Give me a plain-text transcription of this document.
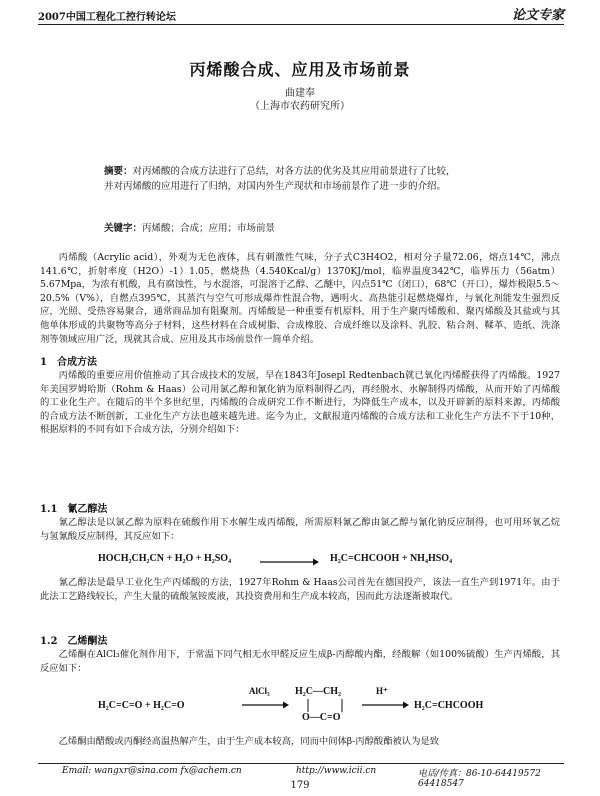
2007中国工程化工控行转论坛	论文专家
丙烯酸合成、应用及市场前景
曲建奉
（上海市农药研究所）

摘要：对丙烯酸的合成方法进行了总结，对各方法的优劣及其应用前景进行了比较，

并对丙烯酸的应用进行了归纳，对国内外生产现状和市场前景作了进一步的介绍。

关键字：丙烯酸；合成；应用；市场前景

丙烯酸（Acrylic acid），外观为无色液体，具有刺激性气味，分子式C3H4O2，相对分子量72.06，熔点14℃，沸点141.6℃，折射率度（H2O）-1）1.05，燃烧热（4.540Kcal/g）1370KJ/mol，临界温度342℃，临界压力（56atm）5.67Mpa，为浓有机酸，具有腐蚀性，与水混溶，可混溶于乙醇、乙醚中，闪点51℃（闭口），68℃（开口），爆炸极限5.5～20.5%（V%），自燃点395℃，其蒸汽与空气可形成爆炸性混合物，遇明火、高热能引起燃烧爆炸，与氧化剂能发生强烈反应，光照、受热容易聚合，通常商品加有阻聚剂。丙烯酸是一种重要有机原料，用于生产聚丙烯酸和、聚丙烯酸及其盐或与其他单体形成的共聚物等高分子材料，这些材料在合成树脂、合成橡胶、合成纤维以及涂料、乳胶、粘合剂、鞣革、造纸、洗涤剂等领域应用广泛，现就其合成、应用及其市场前景作一简单介绍。

1　合成方法

丙烯酸的重要应用价值推动了其合成技术的发展，早在1843年Josepl Redtenbach就已氧化丙烯醛获得了丙烯酸。1927年美国罗姆哈斯（Rohm & Haas）公司用氯乙醇和氰化钠为原料制得乙丙，再经脱水、水解制得丙烯酸，从而开始了丙烯酸的工业化生产。在随后的半个多世纪里，丙烯酸的合成研究工作不断进行，为降低生产成本，以及开辟新的原料来源，丙烯酸的合成方法不断创新，工业化生产方法也越来越先进。迄今为止，文献报道丙烯酸的合成方法和工业化生产方法不下于10种，根据原料的不同有如下合成方法，分别介绍如下：

1.1　氰乙醇法

氰乙醇法是以氯乙醇为原料在硫酸作用下水解生成丙烯酸，所需原料氰乙醇由氯乙醇与氰化钠反应制得，也可用环氧乙烷与氢氰酸反应制得，其反应如下：

HOCH₂CH₂CN + H₂O + H₂SO₄ → H₂C=CHCOOH + NH₄HSO₄

氰乙醇法是最早工业化生产丙烯酸的方法，1927年Rohm & Haas公司首先在德国投产，该法一直生产到1971年。由于此法工艺路线较长，产生大量的硫酸氢铵废液，其投资费用和生产成本较高，因而此方法逐渐被取代。

1.2　乙烯酮法

乙烯酮在AlCl₃催化剂作用下，于常温下同气相无水甲醛反应生成β-丙醇酸内酯，经酸解（如100%硫酸）生产丙烯酸，其反应如下：

H₂C=C=O + H₂C=O
AlCl₃	H₂C—CH₂
O—C=O
H⁺
→ H₂C=CHCOOH

乙烯酮由醋酸或丙酮经高温热解产生，由于生产成本较高，同而中间体β-丙醇酸酯被认为是致

Email: wangxr@sina.com fx@achem.cn	http://www.icii.cn	电话/传真：86-10-64419572　64418547
179
